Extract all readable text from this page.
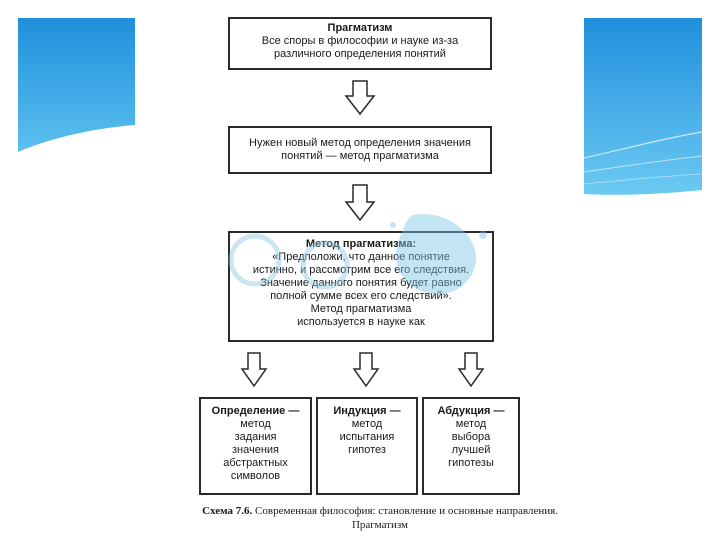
Прагматизм
Все споры в философии и науке из-за
различного определения понятий
Нужен новый метод определения значения
понятий — метод прагматизма
Метод прагматизма:
«Предположи, что данное понятие
истинно, и рассмотрим все его следствия.
Значение данного понятия будет равно
полной сумме всех его следствий».
Метод прагматизма
используется в науке как
Определение —
метод
задания
значения
абстрактных
символов
Индукция —
метод
испытания
гипотез
Абдукция —
метод
выбора
лучшей
гипотезы
Схема 7.6. Современная философия: становление и основные направления.
Прагматизм
